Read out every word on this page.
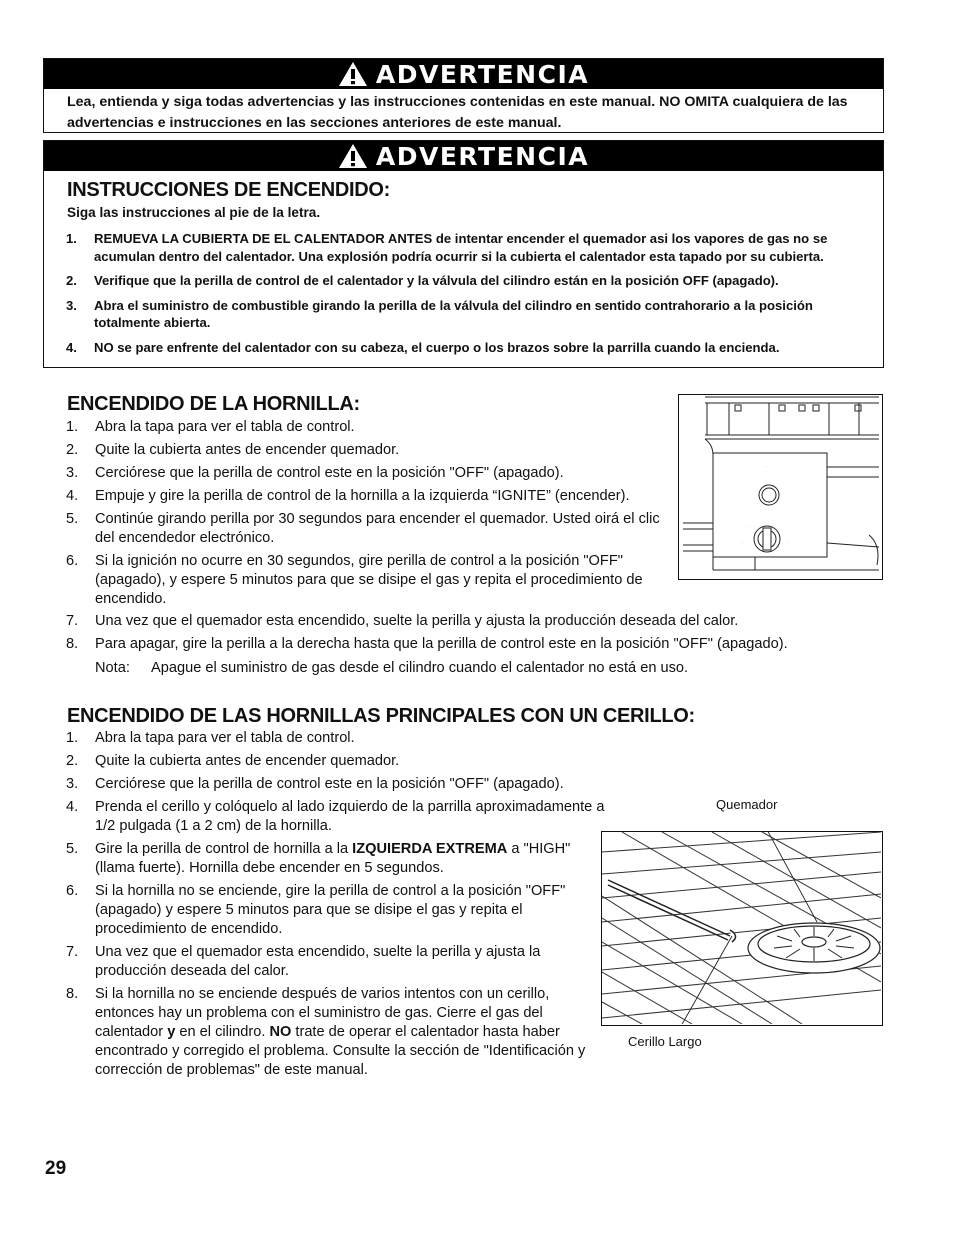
ADVERTENCIA
Lea, entienda y siga todas advertencias y las instrucciones contenidas en este manual. NO OMITA cualquiera de las advertencias e instrucciones en las secciones anteriores de este manual.
ADVERTENCIA
INSTRUCCIONES DE ENCENDIDO:
Siga las instrucciones al pie de la letra.
1.	REMUEVA LA CUBIERTA DE EL CALENTADOR ANTES de intentar encender el quemador asi los vapores de gas no se acumulan dentro del calentador. Una explosión podría ocurrir si la cubierta el calentador esta tapado por su cubierta.
2.	Verifique que la perilla de control de el calentador y la válvula del cilindro están en la posición OFF (apagado).
3.	Abra el suministro de combustible girando la perilla de la válvula del cilindro en sentido contrahorario a la posición totalmente abierta.
4.	NO se pare enfrente del calentador con su cabeza, el cuerpo o los brazos sobre la parrilla cuando la encienda.
ENCENDIDO DE LA HORNILLA:
1.	Abra la tapa para ver el tabla de control.
2.	Quite la cubierta antes de encender quemador.
3.	Cerciórese que la perilla de control este en la posición "OFF" (apagado).
4.	Empuje y gire la perilla de control de la hornilla a la izquierda “IGNITE” (encender).
5.	Continúe girando perilla por 30 segundos para encender el quemador. Usted oirá el clic del encendedor electrónico.
6.	Si la ignición no ocurre en 30 segundos, gire perilla de control a la posición "OFF" (apagado), y espere 5 minutos para que se disipe el gas y repita el procedimiento de encendido.
7.	Una vez que el quemador esta encendido, suelte la perilla y ajusta la producción deseada del calor.
8.	Para apagar, gire la perilla a la derecha hasta que la perilla de control este en la posición "OFF" (apagado).
Nota: Apague el suministro de gas desde el cilindro cuando el calentador no está en uso.
· · ·
· ·	· ·
· ·	· ·
ENCENDIDO DE LAS HORNILLAS PRINCIPALES CON UN CERILLO:
1.	Abra la tapa para ver el tabla de control.
2.	Quite la cubierta antes de encender quemador.
3.	Cerciórese que la perilla de control este en la posición "OFF" (apagado).
4.	Prenda el cerillo y colóquelo al lado izquierdo de la parrilla aproximadamente a 1/2 pulgada (1 a 2 cm) de la hornilla.
5.	Gire la perilla de control de hornilla a la IZQUIERDA EXTREMA a "HIGH" (llama fuerte). Hornilla debe encender en 5 segundos.
6.	Si la hornilla no se enciende, gire la perilla de control a la posición "OFF" (apagado) y espere 5 minutos para que se disipe el gas y repita el procedimiento de encendido.
7.	Una vez que el quemador esta encendido, suelte la perilla y ajusta la producción deseada del calor.
8.	Si la hornilla no se enciende después de varios intentos con un cerillo, entonces hay un problema con el suministro de gas. Cierre el gas del calentador y en el cilindro. NO trate de operar el calentador hasta haber encontrado y corregido el problema. Consulte la sección de "Identificación y corrección de problemas" de este manual.
Quemador
Cerillo Largo
29
